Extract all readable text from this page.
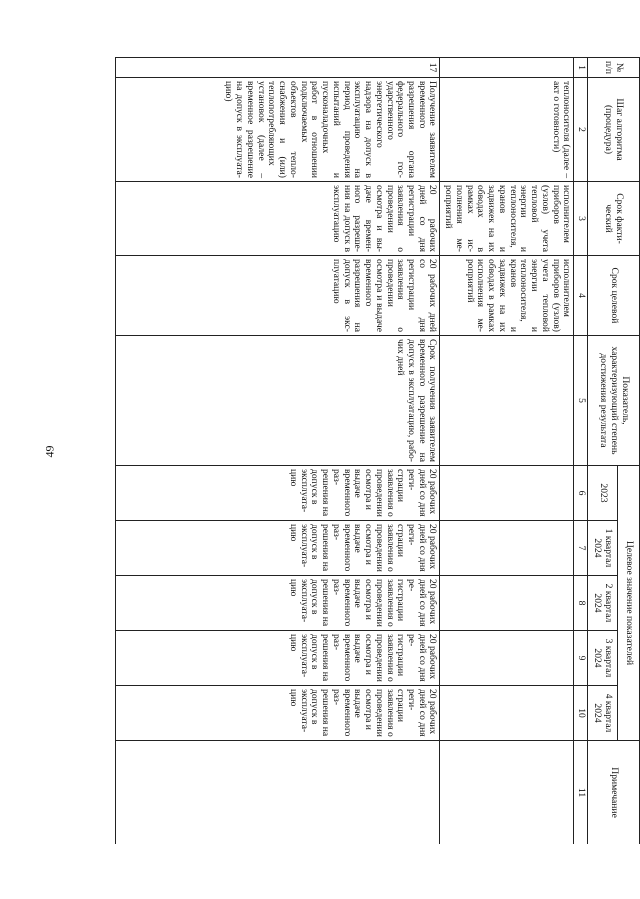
49
№ п/п	Шаг алгоритма (процедура)	Срок фактический	Срок целевой	Показатель, характеризующий степень достижения результата	Целевое значение показателей					Примечание
					2023	1 квартал 2024	2 квартал 2024	3 квартал 2024	4 квартал 2024	
1	2	3	4	5	6	7	8	9	10	11
	теплоносителя (далее – акт о готовности)	исполнителем приборов (узлов) учета тепловой энергии и теплоносителя, кранов и задвижек на их обводах в рамках исполнения мероприятий	исполнителем приборов (узлов) учета тепловой энергии и теплоносителя, кранов и задвижек на их обводах в рамках исполнения мероприятий							
17	Получение заявителем временного разрешения органа федерального государственного энергетического надзора на допуск в эксплуатацию на период проведения испытаний и пусконаладочных работ в отношении подключаемых объектов теплоснабжения и (или) теплопотребляющих установок (далее – временное разрешение на допуск в эксплуатацию)	20 рабочих дней со дня регистрации заявления о проведении осмотра и выдаче временного разрешения на допуск в эксплуатацию	20 рабочих дней со дня регистрации заявления о проведении осмотра и выдаче временного разрешения на допуск в эксплуатацию	Срок получения заявителем временного разрешение на допуск в эксплуатацию, рабочих дней	20 рабочих дней со дня регистрации заявления о проведении осмотра и выдаче временного разрешения на допуск в эксплуатацию	20 рабочих дней со дня регистрации заявления о проведении осмотра и выдаче временного разрешения на допуск в эксплуатацию	20 рабочих дней со дня регистрации заявления о проведении осмотра и выдаче временного разрешения на допуск в эксплуатацию	20 рабочих дней со дня регистрации заявления о проведении осмотра и выдаче временного разрешения на допуск в эксплуатацию	20 рабочих дней со дня регистрации заявления о проведении осмотра и выдаче временного разрешения на допуск в эксплуатацию	
